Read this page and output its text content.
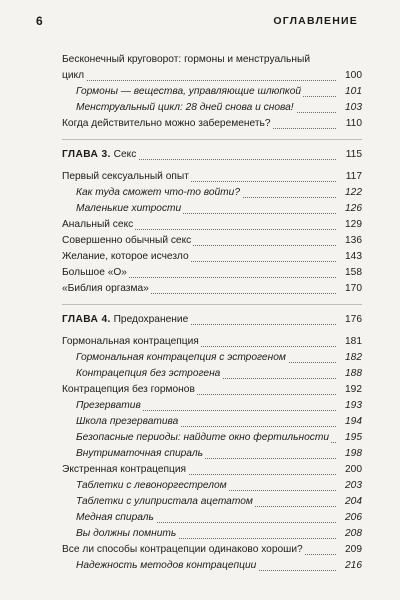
6	ОГЛАВЛЕНИЕ
Бесконечный круговорот: гормоны и менструальный цикл	100
Гормоны — вещества, управляющие шлюпкой	101
Менструальный цикл: 28 дней снова и снова!	103
Когда действительно можно забеременеть?	110
ГЛАВА 3. Секс	115
Первый сексуальный опыт	117
Как туда сможет что-то войти?	122
Маленькие хитрости	126
Анальный секс	129
Совершенно обычный секс	136
Желание, которое исчезло	143
Большое «О»	158
«Библия оргазма»	170
ГЛАВА 4. Предохранение	176
Гормональная контрацепция	181
Гормональная контрацепция с эстрогеном	182
Контрацепция без эстрогена	188
Контрацепция без гормонов	192
Презерватив	193
Школа презерватива	194
Безопасные периоды: найдите окно фертильности	195
Внутриматочная спираль	198
Экстренная контрацепция	200
Таблетки с левоноргестрелом	203
Таблетки с улипристала ацетатом	204
Медная спираль	206
Вы должны помнить	208
Все ли способы контрацепции одинаково хороши?	209
Надежность методов контрацепции	216
